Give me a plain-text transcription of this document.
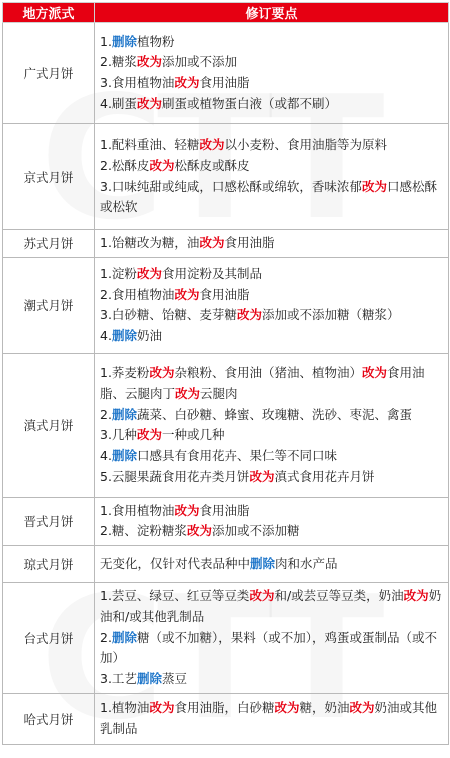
地方派式	修订要点
广式月饼	1.删除植物粉
2.糖浆改为添加或不添加
3.食用植物油改为食用油脂
4.刷蛋改为刷蛋或植物蛋白液（或都不刷）

京式月饼	1.配料重油、轻糖改为以小麦粉、食用油脂等为原料
2.松酥皮改为松酥皮或酥皮
3.口味纯甜或纯咸，口感松酥或绵软，香味浓郁改为口感松酥或松软

苏式月饼	1.饴糖改为糖，油改为食用油脂

潮式月饼	1.淀粉改为食用淀粉及其制品
2.食用植物油改为食用油脂
3.白砂糖、饴糖、麦芽糖改为添加或不添加糖（糖浆）
4.删除奶油

滇式月饼	1.荞麦粉改为杂粮粉、食用油（猪油、植物油）改为食用油脂、云腿肉丁改为云腿肉
2.删除蔬菜、白砂糖、蜂蜜、玫瑰糖、洗砂、枣泥、禽蛋
3.几种改为一种或几种
4.删除口感具有食用花卉、果仁等不同口味
5.云腿果蔬食用花卉类月饼改为滇式食用花卉月饼

晋式月饼	1.食用植物油改为食用油脂
2.糖、淀粉糖浆改为添加或不添加糖

琼式月饼	无变化，仅针对代表品种中删除肉和水产品

台式月饼	1.芸豆、绿豆、红豆等豆类改为和/或芸豆等豆类，奶油改为奶油和/或其他乳制品
2.删除糖（或不加糖），果料（或不加），鸡蛋或蛋制品（或不加）
3.工艺删除蒸豆

哈式月饼	1.植物油改为食用油脂，白砂糖改为糖，奶油改为奶油或其他乳制品
